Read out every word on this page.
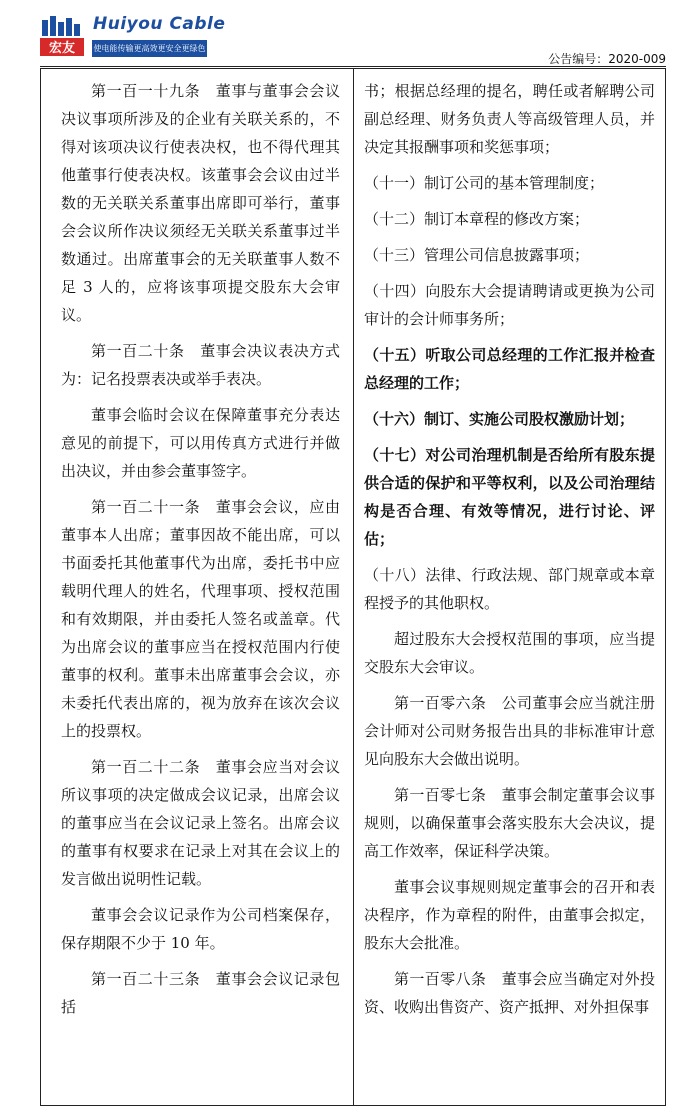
宏友
Huiyou Cable
使电能传输更高效更安全更绿色
公告编号：2020-009

第一百一十九条　董事与董事会会议决议事项所涉及的企业有关联关系的，不得对该项决议行使表决权，也不得代理其他董事行使表决权。该董事会会议由过半数的无关联关系董事出席即可举行，董事会会议所作决议须经无关联关系董事过半数通过。出席董事会的无关联董事人数不足 3 人的，应将该事项提交股东大会审议。

第一百二十条　董事会决议表决方式为：记名投票表决或举手表决。

董事会临时会议在保障董事充分表达意见的前提下，可以用传真方式进行并做出决议，并由参会董事签字。

第一百二十一条　董事会会议，应由董事本人出席；董事因故不能出席，可以书面委托其他董事代为出席，委托书中应载明代理人的姓名，代理事项、授权范围和有效期限，并由委托人签名或盖章。代为出席会议的董事应当在授权范围内行使董事的权利。董事未出席董事会会议，亦未委托代表出席的，视为放弃在该次会议上的投票权。

第一百二十二条　董事会应当对会议所议事项的决定做成会议记录，出席会议的董事应当在会议记录上签名。出席会议的董事有权要求在记录上对其在会议上的发言做出说明性记载。

董事会会议记录作为公司档案保存，保存期限不少于 10 年。

第一百二十三条　董事会会议记录包括

书；根据总经理的提名，聘任或者解聘公司副总经理、财务负责人等高级管理人员，并决定其报酬事项和奖惩事项；

（十一）制订公司的基本管理制度；

（十二）制订本章程的修改方案；

（十三）管理公司信息披露事项；

（十四）向股东大会提请聘请或更换为公司审计的会计师事务所；

（十五）听取公司总经理的工作汇报并检查总经理的工作；

（十六）制订、实施公司股权激励计划；

（十七）对公司治理机制是否给所有股东提供合适的保护和平等权利，以及公司治理结构是否合理、有效等情况，进行讨论、评估；

（十八）法律、行政法规、部门规章或本章程授予的其他职权。

超过股东大会授权范围的事项，应当提交股东大会审议。

第一百零六条　公司董事会应当就注册会计师对公司财务报告出具的非标准审计意见向股东大会做出说明。

第一百零七条　董事会制定董事会议事规则，以确保董事会落实股东大会决议，提高工作效率，保证科学决策。

董事会议事规则规定董事会的召开和表决程序，作为章程的附件，由董事会拟定，股东大会批准。

第一百零八条　董事会应当确定对外投资、收购出售资产、资产抵押、对外担保事
